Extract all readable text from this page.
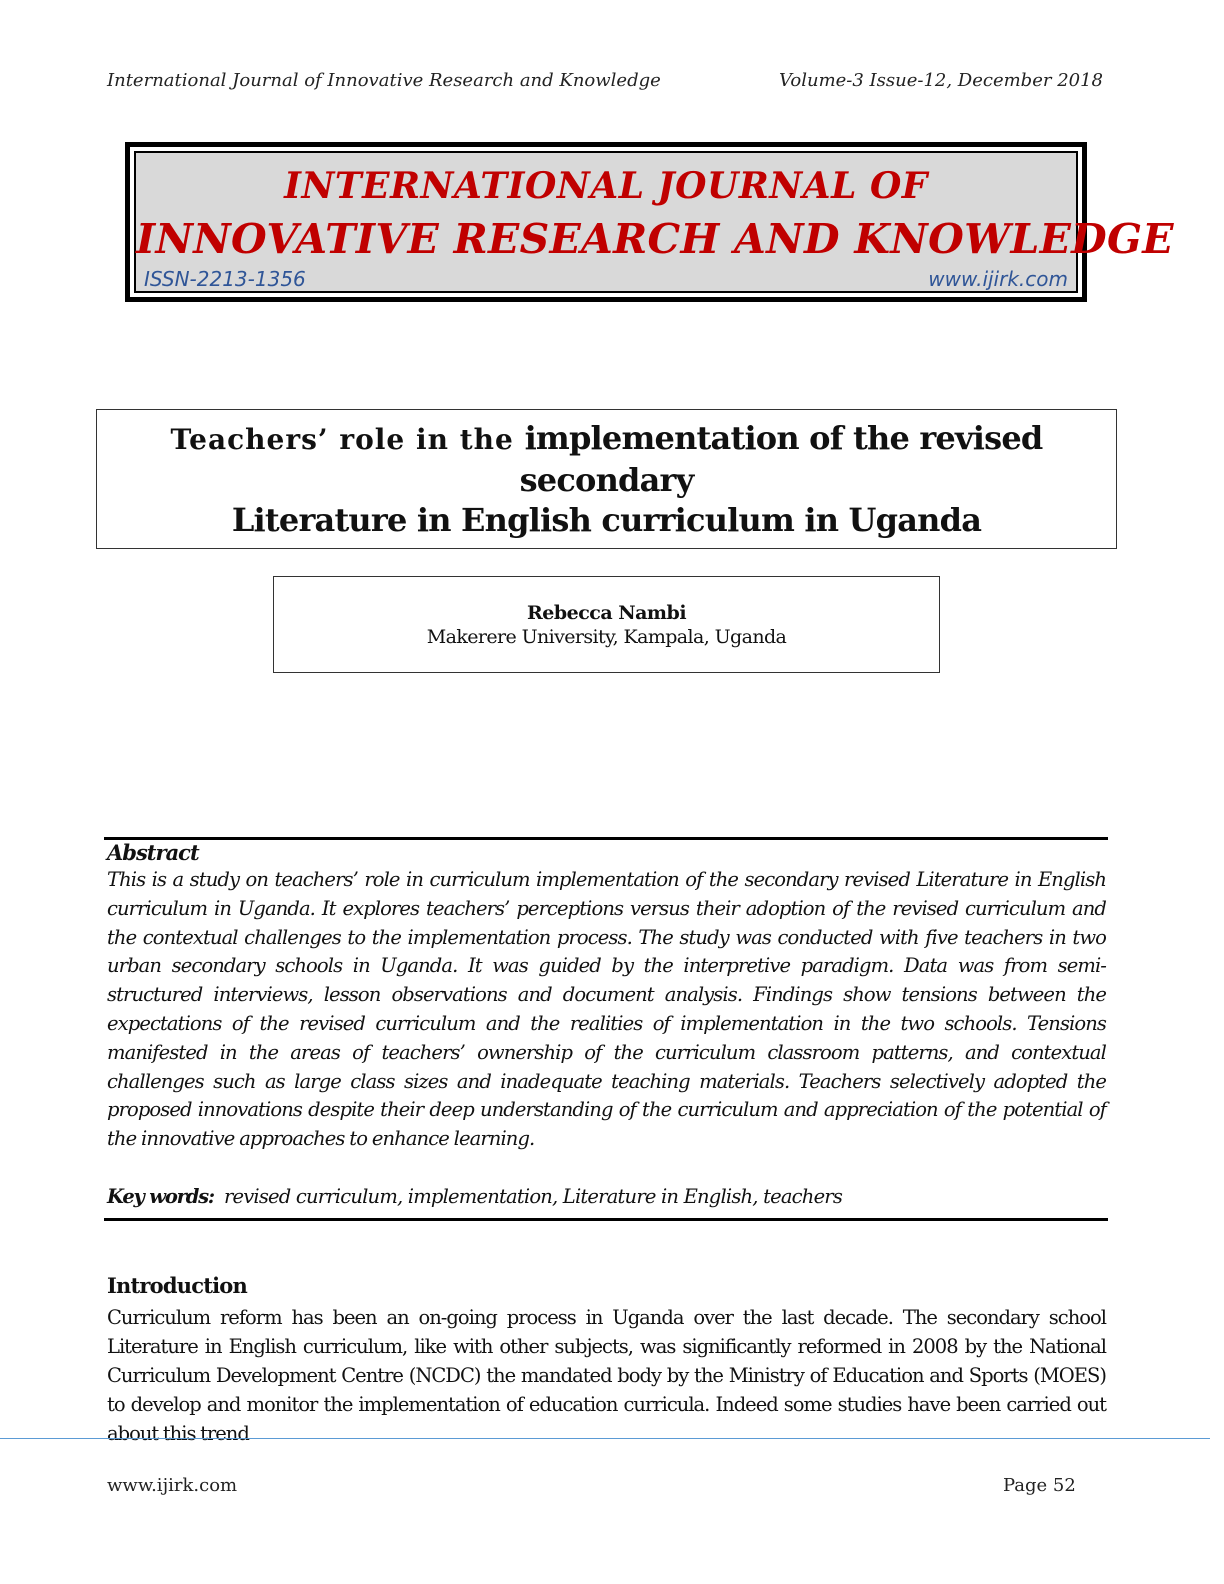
International Journal of Innovative Research and Knowledge	Volume-3 Issue-12, December 2018
INTERNATIONAL JOURNAL OF
INNOVATIVE RESEARCH AND KNOWLEDGE
ISSN-2213-1356	www.ijirk.com
Teachers’ role in the implementation of the revised secondary
Literature in English curriculum in Uganda
Rebecca Nambi
Makerere University, Kampala, Uganda
Abstract
This is a study on teachers’ role in curriculum implementation of the secondary revised Literature in English curriculum in Uganda. It explores teachers’ perceptions versus their adoption of the revised curriculum and the contextual challenges to the implementation process. The study was conducted with five teachers in two urban secondary schools in Uganda. It was guided by the interpretive paradigm. Data was from semi-structured interviews, lesson observations and document analysis. Findings show tensions between the expectations of the revised curriculum and the realities of implementation in the two schools. Tensions manifested in the areas of teachers’ ownership of the curriculum classroom patterns, and contextual challenges such as large class sizes and inadequate teaching materials. Teachers selectively adopted the proposed innovations despite their deep understanding of the curriculum and appreciation of the potential of the innovative approaches to enhance learning.
Key words: revised curriculum, implementation, Literature in English, teachers
Introduction
Curriculum reform has been an on-going process in Uganda over the last decade. The secondary school Literature in English curriculum, like with other subjects, was significantly reformed in 2008 by the National Curriculum Development Centre (NCDC) the mandated body by the Ministry of Education and Sports (MOES) to develop and monitor the implementation of education curricula. Indeed some studies have been carried out about this trend
www.ijirk.com	Page 52
